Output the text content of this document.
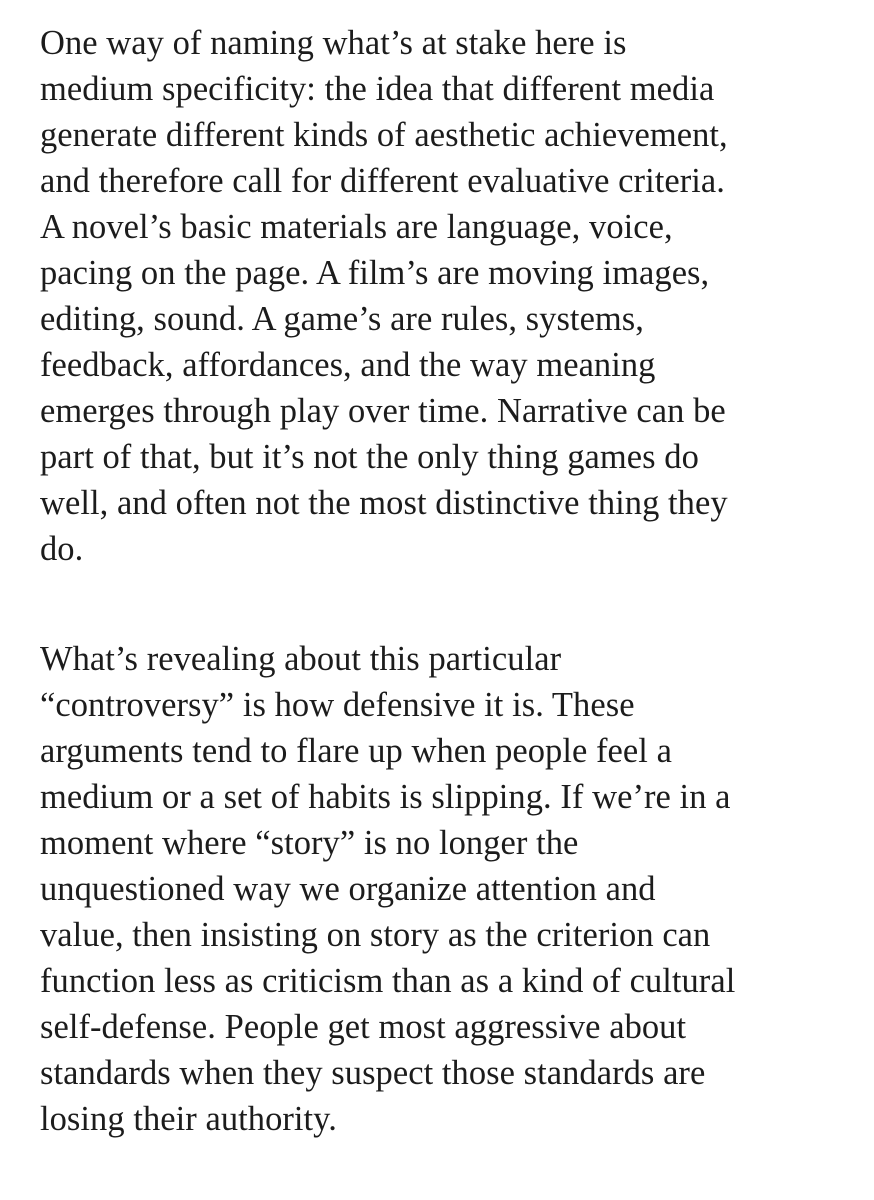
One way of naming what’s at stake here is
medium specificity: the idea that different media
generate different kinds of aesthetic achievement,
and therefore call for different evaluative criteria.
A novel’s basic materials are language, voice,
pacing on the page. A film’s are moving images,
editing, sound. A game’s are rules, systems,
feedback, affordances, and the way meaning
emerges through play over time. Narrative can be
part of that, but it’s not the only thing games do
well, and often not the most distinctive thing they
do.
What’s revealing about this particular
“controversy” is how defensive it is. These
arguments tend to flare up when people feel a
medium or a set of habits is slipping. If we’re in a
moment where “story” is no longer the
unquestioned way we organize attention and
value, then insisting on story as the criterion can
function less as criticism than as a kind of cultural
self-defense. People get most aggressive about
standards when they suspect those standards are
losing their authority.
